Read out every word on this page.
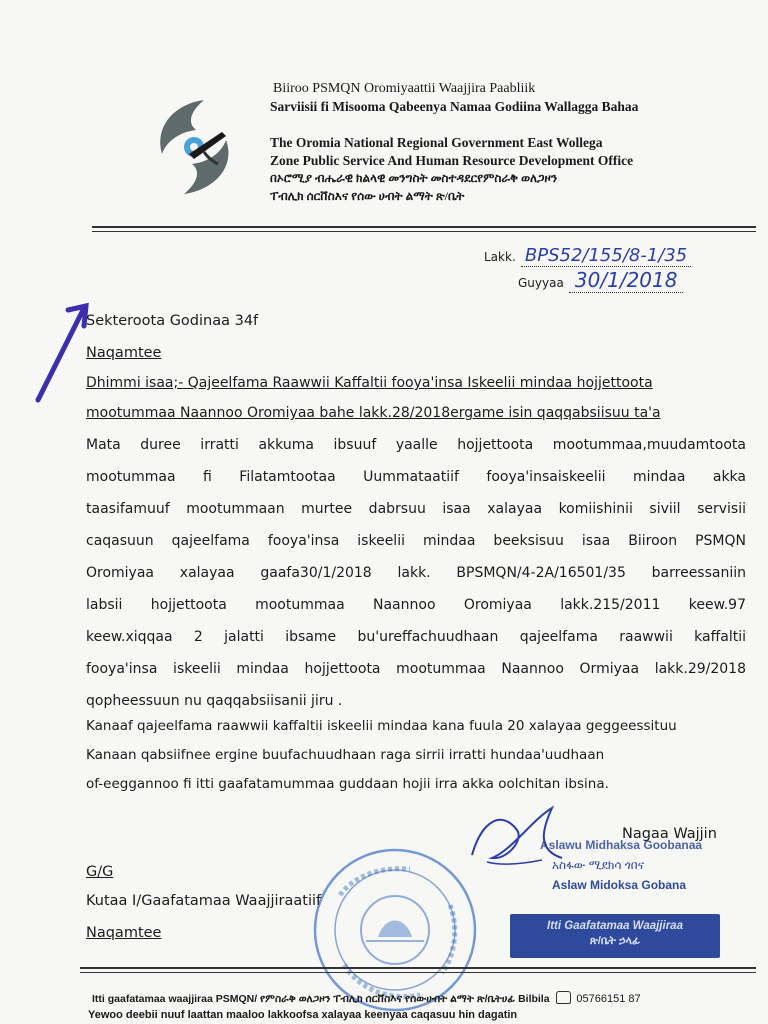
Biiroo PSMQN Oromiyaattii Waajjira Paabliik
Sarviisii fi Misooma Qabeenya Namaa Godiina Wallagga Bahaa
The Oromia National Regional Government East Wollega
Zone Public Service And Human Resource Development Office
በኦሮሚያ ብሔራዊ ክልላዊ መንግስት መስተዳደርየምስራቅ ወለጋዞን
ፐብሊክ ሰርቨስእና የሰው ሀብት ልማት ጽ/ቤት
Lakk. BPS52/155/8-1/35
Guyyaa 30/1/2018
Sekteroota Godinaa 34f
Naqamtee
Dhimmi isaa;- Qajeelfama Raawwii Kaffaltii fooya'insa Iskeelii mindaa hojjettoota
mootummaa Naannoo Oromiyaa bahe lakk.28/2018ergame isin qaqqabsiisuu ta'a
Mata duree irratti akkuma ibsuuf yaalle hojjettoota mootummaa,muudamtoota
mootummaa fi Filatamtootaa Uummataatiif fooya'insaiskeelii mindaa akka
taasifamuuf mootummaan murtee dabrsuu isaa xalayaa komiishinii siviil servisii
caqasuun qajeelfama fooya'insa iskeelii mindaa beeksisuu isaa Biiroon PSMQN
Oromiyaa xalayaa gaafa30/1/2018 lakk. BPSMQN/4-2A/16501/35 barreessaniin
labsii hojjettoota mootummaa Naannoo Oromiyaa lakk.215/2011 keew.97
keew.xiqqaa 2 jalatti ibsame bu'ureffachuudhaan qajeelfama raawwii kaffaltii
fooya'insa iskeelii mindaa hojjettoota mootummaa Naannoo Ormiyaa lakk.29/2018
qopheessuun nu qaqqabsiisanii jiru .
Kanaaf qajeelfama raawwii kaffaltii iskeelii mindaa kana fuula 20 xalayaa geggeessituu
Kanaan qabsiifnee ergine buufachuudhaan raga sirrii irratti hundaa'uudhaan
of-eeggannoo fi itti gaafatamummaa guddaan hojii irra akka oolchitan ibsina.
Nagaa Wajjin
Aslawu Midhaksa Goobanaa
አስፋው ሚደክሳ ጎበና
Aslaw Midoksa Gobana
Itti Gaafatamaa Waajjiraa
ጽ/ቤት ኃላፊ
G/G
Kutaa I/Gaafatamaa Waajjiraatiif
Naqamtee
Itti gaafatamaa waajjiraa PSMQN/ የምስራቅ ወለጋዞን ፐብሊክ ሰርቨስእና የሰውሀብት ልማት ጽ/ቤትሀፊ Bilbila 05766151 87
Yewoo deebii nuuf laattan maaloo lakkoofsa xalayaa keenyaa caqasuu hin dagatin
